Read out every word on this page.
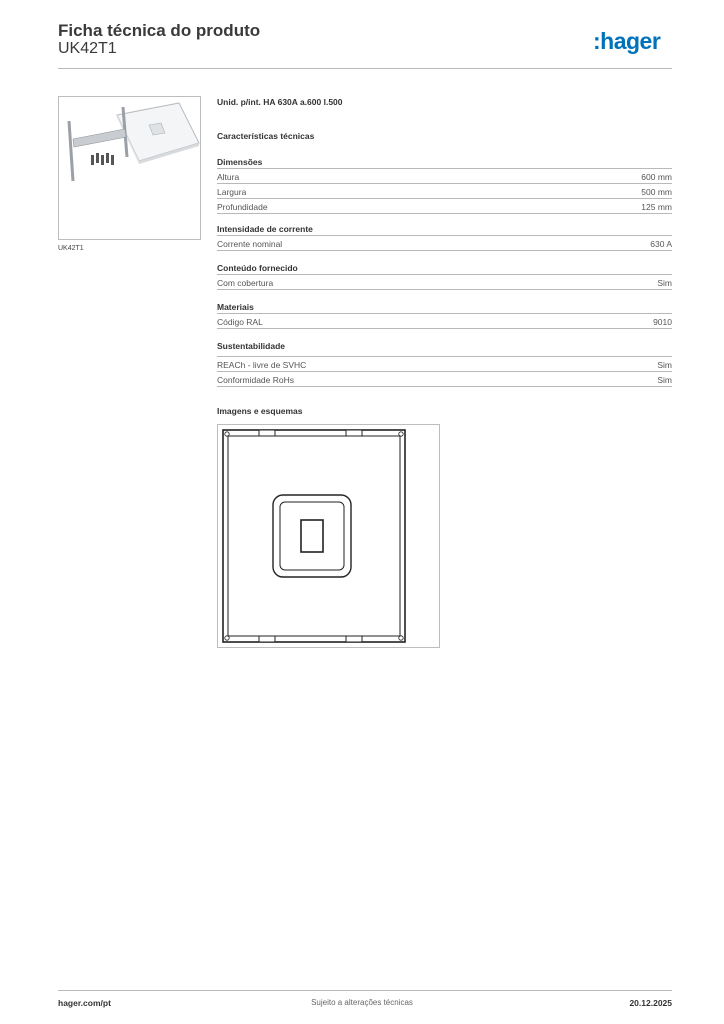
Ficha técnica do produto
UK42T1	:hager
UK42T1
Unid. p/int. HA 630A a.600 l.500
Características técnicas
Dimensões
Altura	600 mm
Largura	500 mm
Profundidade	125 mm
Intensidade de corrente
Corrente nominal	630 A
Conteúdo fornecido
Com cobertura	Sim
Materiais
Código RAL	9010
Sustentabilidade
REACh - livre de SVHC	Sim
Conformidade RoHs	Sim
Imagens e esquemas
hager.com/pt	Sujeito a alterações técnicas	20.12.2025
